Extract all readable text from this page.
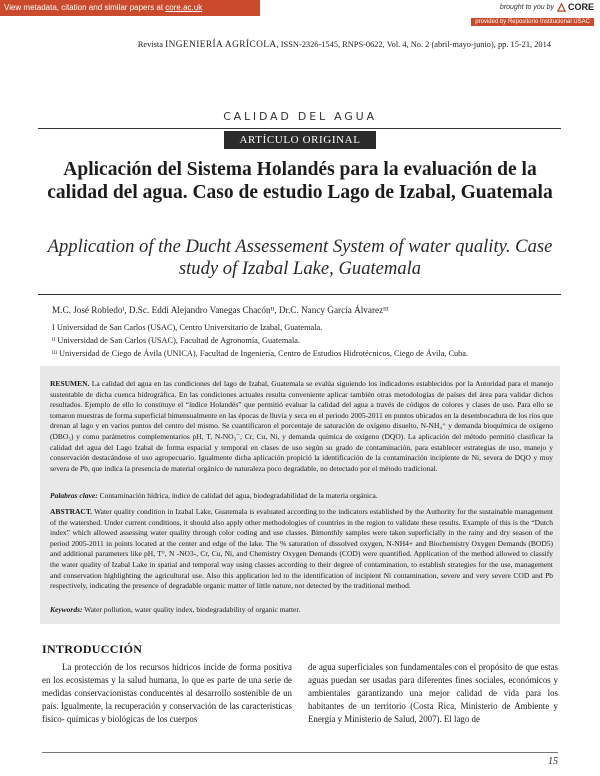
View metadata, citation and similar papers at core.ac.uk	brought to you by CORE
provided by Repositorio Institucional USAC
Revista INGENIERÍA AGRÍCOLA, ISSN-2326-1545, RNPS-0622, Vol. 4, No. 2 (abril-mayo-junio), pp. 15-21, 2014
CALIDAD DEL AGUA
ARTÍCULO ORIGINAL
Aplicación del Sistema Holandés para la evaluación de la calidad del agua. Caso de estudio Lago de Izabal, Guatemala
Application of the Ducht Assessement System of water quality. Case study of Izabal Lake, Guatemala
M.C. José Robledoᴵ, D.Sc. Eddi Alejandro Vanegas Chacónᴵᴵ, Dr.C. Nancy García Álvarezᴵᴵᴵ
I Universidad de San Carlos (USAC), Centro Universitario de Izabal, Guatemala.
ᴵᴵ Universidad de San Carlos (USAC), Facultad de Agronomía, Guatemala.
ᴵᴵᴵ Universidad de Ciego de Ávila (UNICA), Facultad de Ingeniería, Centro de Estudios Hidrotécnicos, Ciego de Ávila, Cuba.
RESUMEN. La calidad del agua en las condiciones del lago de Izabal, Guatemala se evalúa siguiendo los indicadores establecidos por la Autoridad para el manejo sustentable de dicha cuenca hidrográfica. En las condiciones actuales resulta conveniente aplicar también otras metodologías de países del área para validar dichos resultados. Ejemplo de ello lo constituye el “índice Holandés” que permitió evaluar la calidad del agua a través de códigos de colores y clases de uso. Para ello se tomaron muestras de forma superficial bimensualmente en las épocas de lluvia y seca en el periodo 2005-2011 en puntos ubicados en la desembocadura de los ríos que drenan al lago y en varios puntos del centro del mismo. Se cuantificaron el porcentaje de saturación de oxígeno disuelto, N-NH₄⁺ y demanda bioquímica de oxígeno (DBO₅) y como parámetros complementarios pH, T, N-NO₃⁻, Cr, Cu, Ni, y demanda química de oxígeno (DQO). La aplicación del método permitió clasificar la calidad del agua del Lago Izabal de forma espacial y temporal en clases de uso según su grado de contaminación, para establecer estrategias de uso, manejo y conservación destacándose el uso agropecuario. Igualmente dicha aplicación propició la identificación de la contaminación incipiente de Ni, severa de DQO y muy severa de Pb, que indica la presencia de material orgánico de naturaleza poco degradable, no detectado por el método tradicional.
Palabras clave: Contaminación hídrica, índice de calidad del agua, biodegradabilidad de la materia orgánica.
ABSTRACT. Water quality condition in Izabal Lake, Guatemala is evaluated according to the indicators established by the Authority for the sustainable management of the watershed. Under current conditions, it should also apply other methodologies of countries in the region to validate these results. Example of this is the “Dutch index” which allowed assessing water quality through color coding and use classes. Bimonthly samples were taken superficially in the rainy and dry season of the period 2005-2011 in points located at the center and edge of the lake. The % saturation of dissolved oxygen, N-NH4+ and Biochemistry Oxygen Demands (BOD5) and additional parameters like pH, T°, N -NO3-, Cr, Cu, Ni, and Chemistry Oxygen Demands (COD) were quantified. Application of the method allowed to classify the water quality of Izabal Lake in spatial and temporal way using classes according to their degree of contamination, to establish strategies for the use, management and conservation highlighting the agricultural use. Also this application led to the identification of incipient Ni contamination, severe and very severe COD and Pb respectively, indicating the presence of degradable organic matter of little nature, not detected by the traditional method.
Keywords: Water pollution, water quality index, biodegradability of organic matter.
INTRODUCCIÓN
La protección de los recursos hídricos incide de forma positiva en los ecosistemas y la salud humana, lo que es parte de una serie de medidas conservacionistas conducentes al desarrollo sostenible de un país. Igualmente, la recuperación y conservación de las características físico- químicas y biológicas de los cuerpos
de agua superficiales son fundamentales con el propósito de que estas aguas puedan ser usadas para diferentes fines sociales, económicos y ambientales garantizando una mejor calidad de vida para los habitantes de un territorio (Costa Rica, Ministerio de Ambiente y Energía y Ministerio de Salud, 2007). El lago de
15
